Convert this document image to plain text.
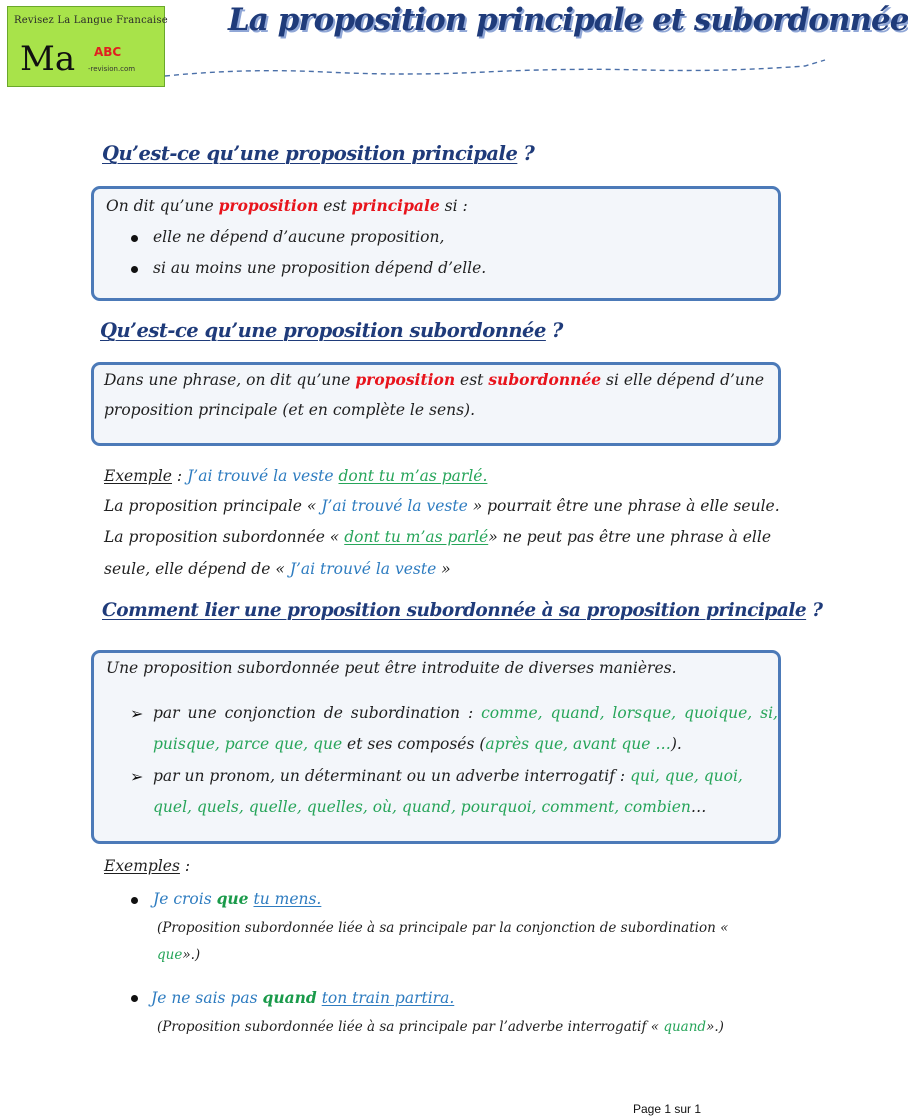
Revisez La Langue Francaise
Ma ABC
-revision.com
La proposition principale et subordonnée
Qu’est-ce qu’une proposition principale ?
On dit qu’une proposition est principale si :
elle ne dépend d’aucune proposition,
si au moins une proposition dépend d’elle.
Qu’est-ce qu’une proposition subordonnée ?
Dans une phrase, on dit qu’une proposition est subordonnée si elle dépend d’une
proposition principale (et en complète le sens).
Exemple : J’ai trouvé la veste dont tu m’as parlé.
La proposition principale « J’ai trouvé la veste » pourrait être une phrase à elle seule.
La proposition subordonnée « dont tu m’as parlé» ne peut pas être une phrase à elle
seule, elle dépend de « J’ai trouvé la veste »
Comment lier une proposition subordonnée à sa proposition principale ?
Une proposition subordonnée peut être introduite de diverses manières.
➢ par une conjonction de subordination : comme, quand, lorsque, quoique, si,
puisque, parce que, que et ses composés (après que, avant que …).
➢ par un pronom, un déterminant ou un adverbe interrogatif : qui, que, quoi,
quel, quels, quelle, quelles, où, quand, pourquoi, comment, combien…
Exemples :
Je crois que tu mens.
(Proposition subordonnée liée à sa principale par la conjonction de subordination «
que».)
Je ne sais pas quand ton train partira.
(Proposition subordonnée liée à sa principale par l’adverbe interrogatif « quand».)
Page 1 sur 1
